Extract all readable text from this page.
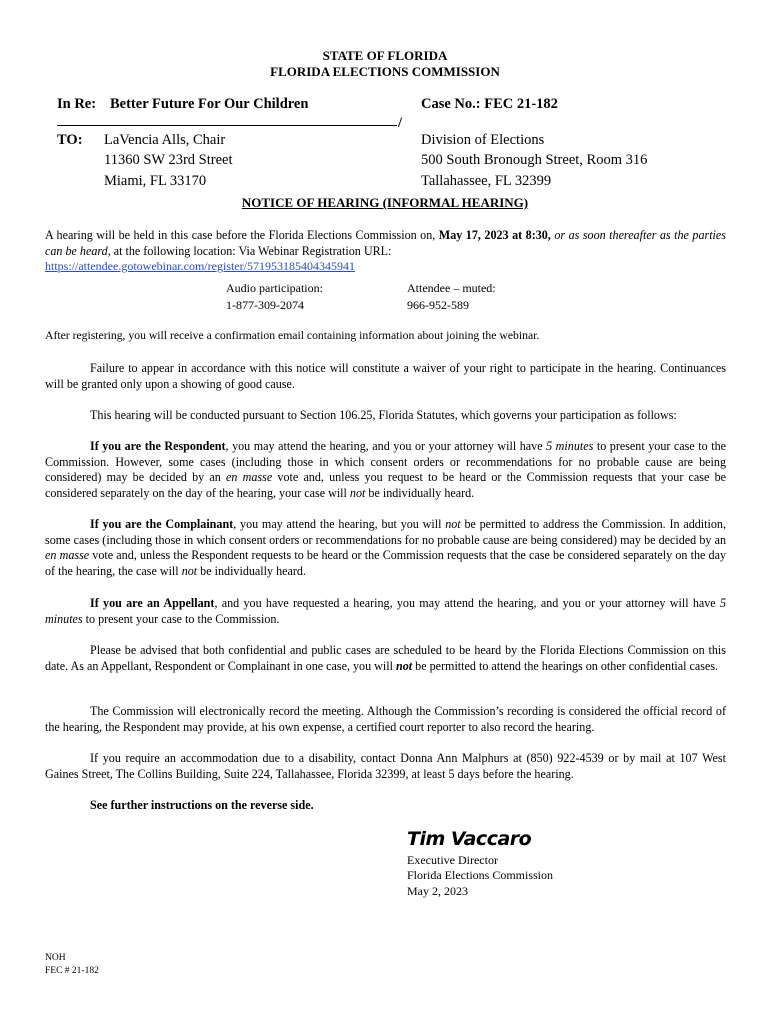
STATE OF FLORIDA
FLORIDA ELECTIONS COMMISSION
In Re: Better Future For Our Children	Case No.: FEC 21-182
/
TO: LaVencia Alls, Chair
11360 SW 23rd Street
Miami, FL 33170
Division of Elections
500 South Bronough Street, Room 316
Tallahassee, FL 32399
NOTICE OF HEARING (INFORMAL HEARING)
A hearing will be held in this case before the Florida Elections Commission on, May 17, 2023 at 8:30, or as soon thereafter as the parties can be heard, at the following location: Via Webinar Registration URL:
https://attendee.gotowebinar.com/register/571953185404345941
Audio participation:
1-877-309-2074
Attendee – muted:
966-952-589
After registering, you will receive a confirmation email containing information about joining the webinar.
Failure to appear in accordance with this notice will constitute a waiver of your right to participate in the hearing. Continuances will be granted only upon a showing of good cause.
This hearing will be conducted pursuant to Section 106.25, Florida Statutes, which governs your participation as follows:
If you are the Respondent, you may attend the hearing, and you or your attorney will have 5 minutes to present your case to the Commission. However, some cases (including those in which consent orders or recommendations for no probable cause are being considered) may be decided by an en masse vote and, unless you request to be heard or the Commission requests that your case be considered separately on the day of the hearing, your case will not be individually heard.
If you are the Complainant, you may attend the hearing, but you will not be permitted to address the Commission. In addition, some cases (including those in which consent orders or recommendations for no probable cause are being considered) may be decided by an en masse vote and, unless the Respondent requests to be heard or the Commission requests that the case be considered separately on the day of the hearing, the case will not be individually heard.
If you are an Appellant, and you have requested a hearing, you may attend the hearing, and you or your attorney will have 5 minutes to present your case to the Commission.
Please be advised that both confidential and public cases are scheduled to be heard by the Florida Elections Commission on this date. As an Appellant, Respondent or Complainant in one case, you will not be permitted to attend the hearings on other confidential cases.
The Commission will electronically record the meeting. Although the Commission’s recording is considered the official record of the hearing, the Respondent may provide, at his own expense, a certified court reporter to also record the hearing.
If you require an accommodation due to a disability, contact Donna Ann Malphurs at (850) 922-4539 or by mail at 107 West Gaines Street, The Collins Building, Suite 224, Tallahassee, Florida 32399, at least 5 days before the hearing.
See further instructions on the reverse side.
Tim Vaccaro
Executive Director
Florida Elections Commission
May 2, 2023
NOH
FEC # 21-182
